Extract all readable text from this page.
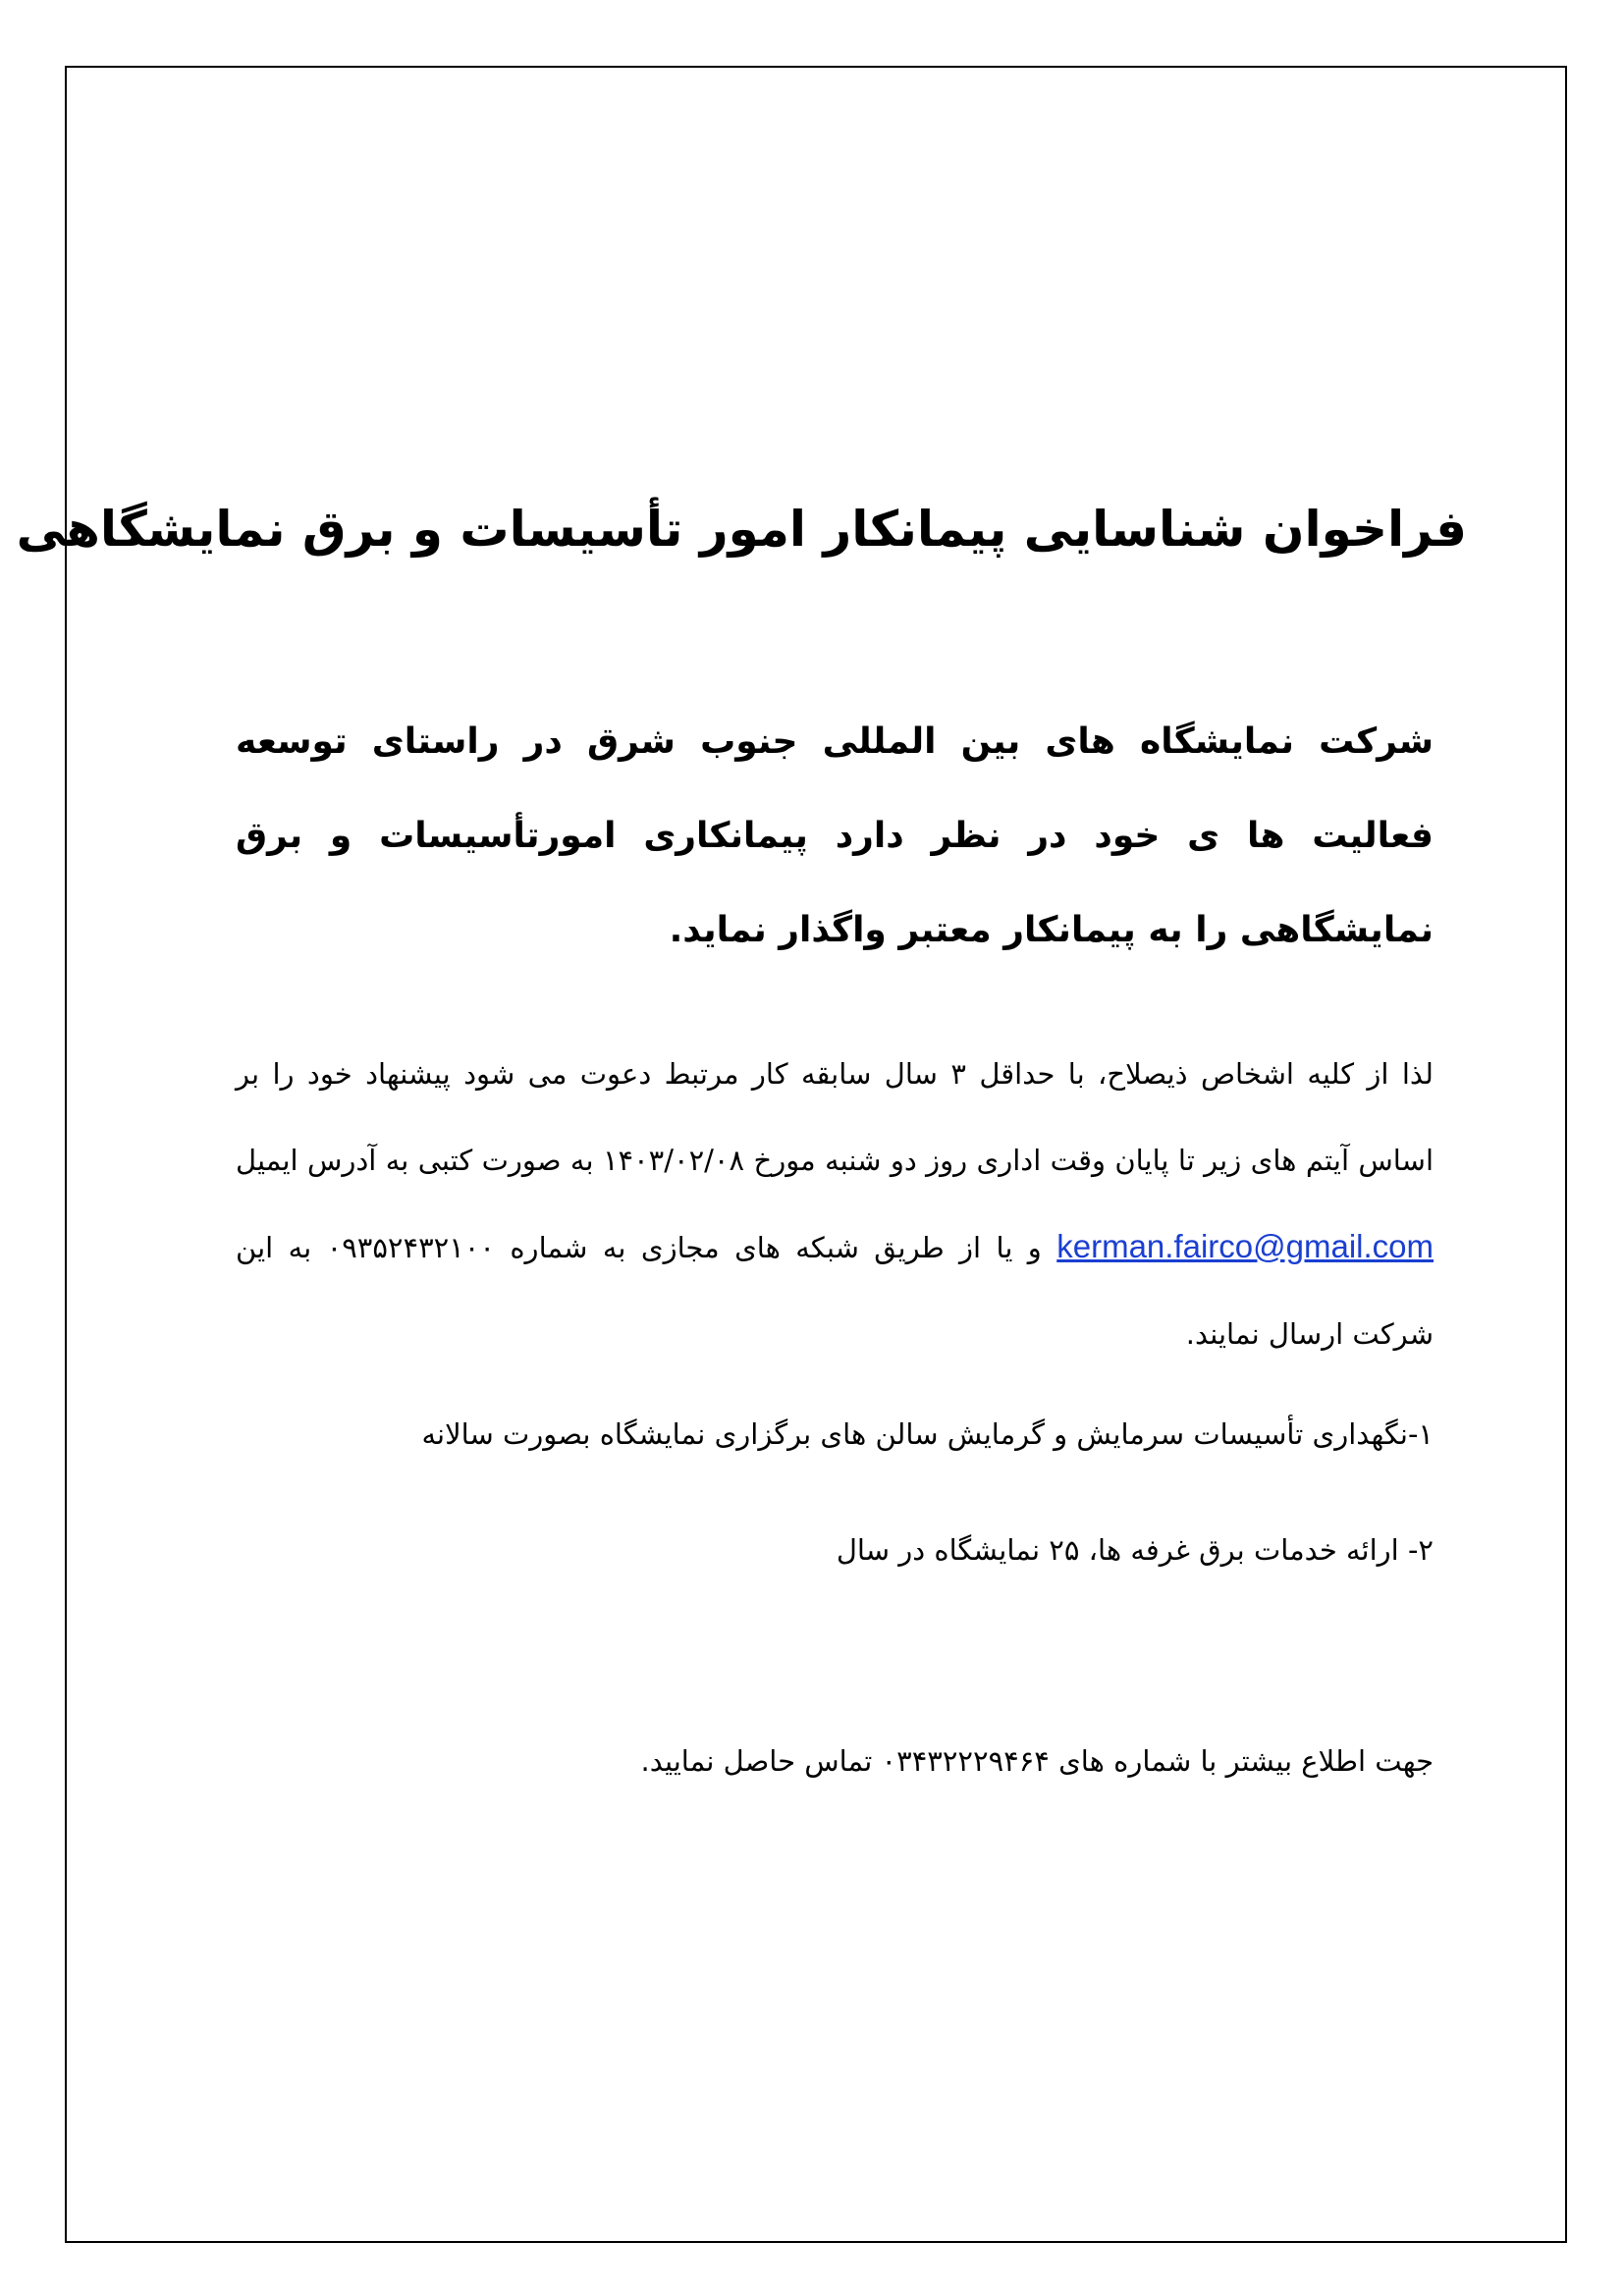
فراخوان شناسایی پیمانکار امور تأسیسات و برق نمایشگاهی

شرکت نمایشگاه های بین المللی جنوب شرق در راستای توسعه فعالیت ها ی خود در نظر دارد پیمانکاری امورتأسیسات و برق نمایشگاهی را به پیمانکار معتبر واگذار نماید.

لذا از کلیه اشخاص ذیصلاح، با حداقل ۳ سال سابقه کار مرتبط دعوت می شود پیشنهاد خود را بر اساس آیتم های زیر تا پایان وقت اداری روز دو شنبه مورخ ۱۴۰۳/۰۲/۰۸ به صورت کتبی به آدرس ایمیل kerman.fairco@gmail.com و یا از طریق شبکه های مجازی به شماره ۰۹۳۵۲۴۳۲۱۰۰ به این شرکت ارسال نمایند.

۱-نگهداری تأسیسات سرمایش و گرمایش سالن های برگزاری نمایشگاه بصورت سالانه

۲- ارائه خدمات برق غرفه ها، ۲۵ نمایشگاه در سال

جهت اطلاع بیشتر با شماره های ۰۳۴۳۲۲۲۹۴۶۴ تماس حاصل نمایید.
